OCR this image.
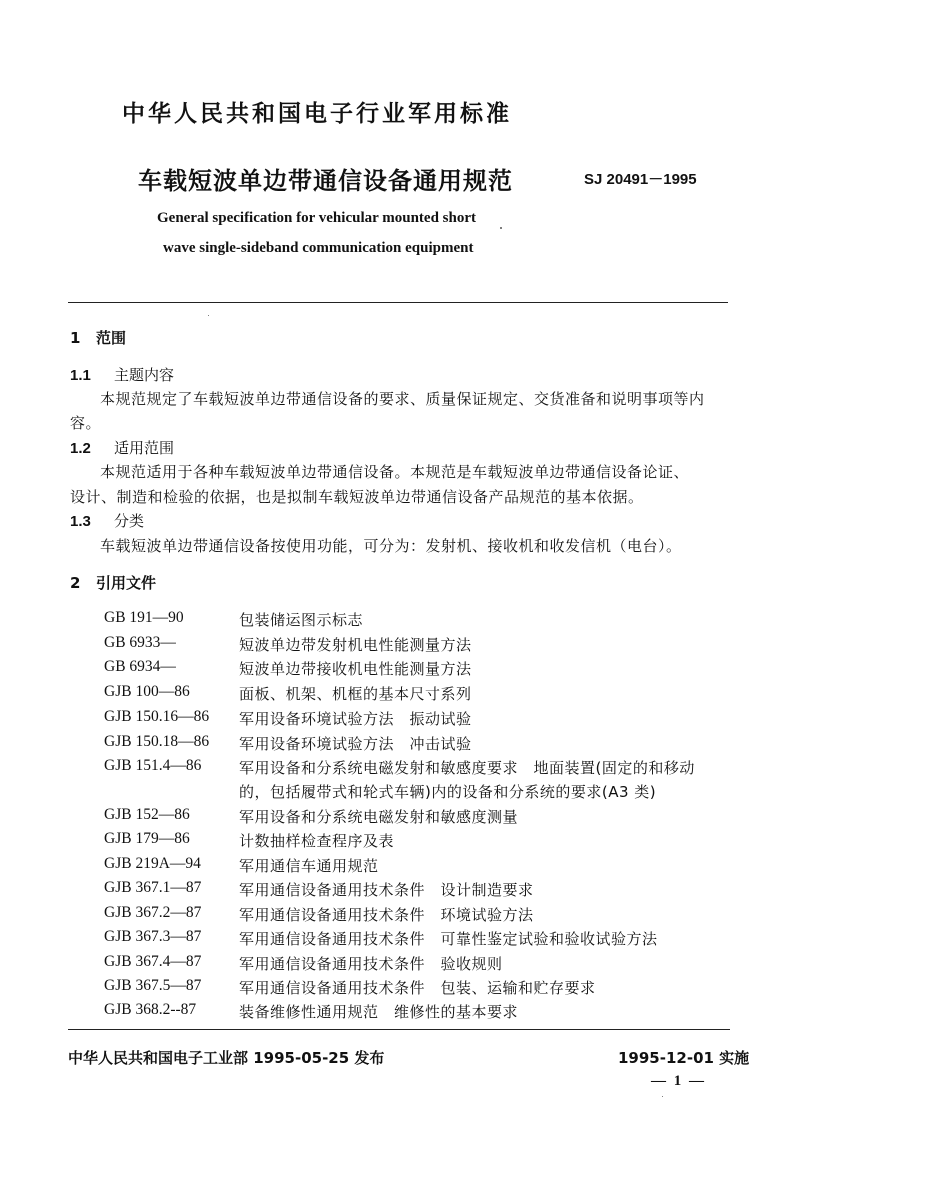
中华人民共和国电子行业军用标准
车载短波单边带通信设备通用规范	SJ 20491－1995
General specification for vehicular mounted short
wave single-sideband communication equipment
1 范围
1.1 主题内容
本规范规定了车载短波单边带通信设备的要求、质量保证规定、交货准备和说明事项等内
容。
1.2 适用范围
本规范适用于各种车载短波单边带通信设备。本规范是车载短波单边带通信设备论证、
设计、制造和检验的依据，也是拟制车载短波单边带通信设备产品规范的基本依据。
1.3 分类
车载短波单边带通信设备按使用功能，可分为：发射机、接收机和收发信机（电台）。
2 引用文件
GB 191—90	包装储运图示标志
GB 6933—	短波单边带发射机电性能测量方法
GB 6934—	短波单边带接收机电性能测量方法
GJB 100—86	面板、机架、机框的基本尺寸系列
GJB 150.16—86 军用设备环境试验方法　振动试验
GJB 150.18—86 军用设备环境试验方法　冲击试验
GJB 151.4—86	军用设备和分系统电磁发射和敏感度要求　地面装置(固定的和移动
的，包括履带式和轮式车辆)内的设备和分系统的要求(A3 类)
GJB 152—86	军用设备和分系统电磁发射和敏感度测量
GJB 179—86	计数抽样检查程序及表
GJB 219A—94	军用通信车通用规范
GJB 367.1—87	军用通信设备通用技术条件　设计制造要求
GJB 367.2—87	军用通信设备通用技术条件　环境试验方法
GJB 367.3—87	军用通信设备通用技术条件　可靠性鉴定试验和验收试验方法
GJB 367.4—87	军用通信设备通用技术条件　验收规则
GJB 367.5—87	军用通信设备通用技术条件　包装、运输和贮存要求
GJB 368.2--87	装备维修性通用规范　维修性的基本要求
中华人民共和国电子工业部 1995-05-25 发布	1995-12-01 实施
— 1 —
